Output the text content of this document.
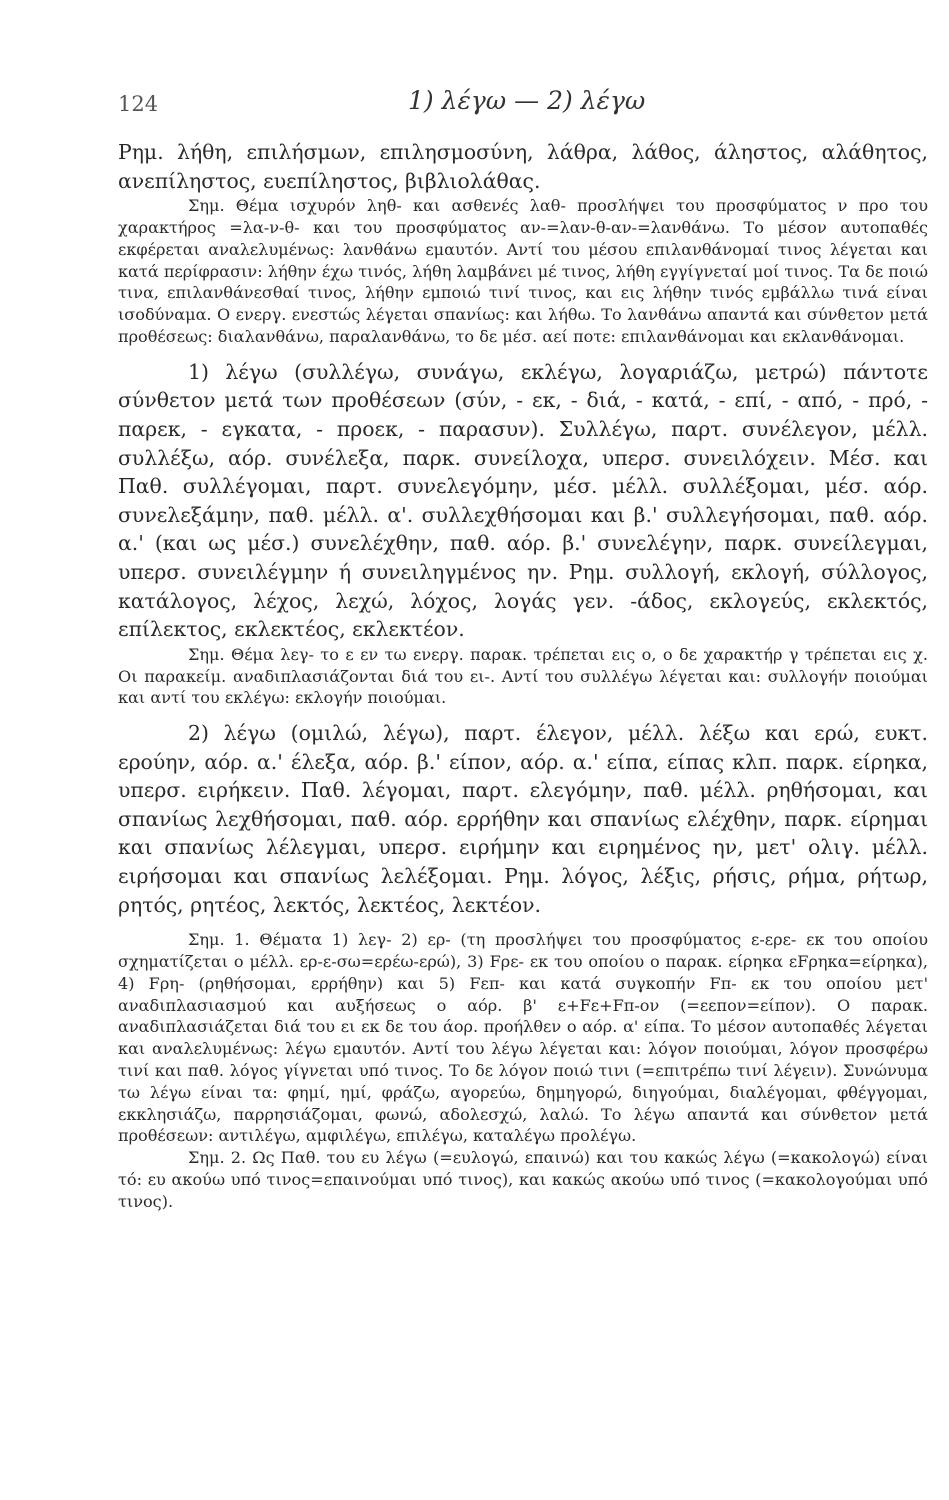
124	1) λέγω — 2) λέγω

Ρημ. λήθη, επιλήσμων, επιλησμοσύνη, λάθρα, λάθος, άληστος, αλάθητος, ανεπίληστος, ευεπίληστος, βιβλιολάθας.

Σημ. Θέμα ισχυρόν ληθ- και ασθενές λαθ- προσλήψει του προσφύματος ν προ του χαρακτήρος =λα-ν-θ- και του προσφύματος αν-=λαν-θ-αν-=λανθάνω. Το μέσον αυτοπαθές εκφέρεται αναλελυμένως: λανθάνω εμαυτόν. Αντί του μέσου επιλανθάνομαί τινος λέγεται και κατά περίφρασιν: λήθην έχω τινός, λήθη λαμβάνει μέ τινος, λήθη εγγίγνεταί μοί τινος. Τα δε ποιώ τινα, επιλανθάνεσθαί τινος, λήθην εμποιώ τινί τινος, και εις λήθην τινός εμβάλλω τινά είναι ισοδύναμα. Ο ενεργ. ενεστώς λέγεται σπανίως: και λήθω. Το λανθάνω απαντά και σύνθετον μετά προθέσεως: διαλανθάνω, παραλανθάνω, το δε μέσ. αεί ποτε: επιλανθάνομαι και εκλανθάνομαι.

1) λέγω (συλλέγω, συνάγω, εκλέγω, λογαριάζω, μετρώ) πάντοτε σύνθετον μετά των προθέσεων (σύν, - εκ, - διά, - κατά, - επί, - από, - πρό, - παρεκ, - εγκατα, - προεκ, - παρασυν). Συλλέγω, παρτ. συνέλεγον, μέλλ. συλλέξω, αόρ. συνέλεξα, παρκ. συνείλοχα, υπερσ. συνειλόχειν. Μέσ. και Παθ. συλλέγομαι, παρτ. συνελεγόμην, μέσ. μέλλ. συλλέξομαι, μέσ. αόρ. συνελεξάμην, παθ. μέλλ. α'. συλλεχθήσομαι και β.' συλλεγήσομαι, παθ. αόρ. α.' (και ως μέσ.) συνελέχθην, παθ. αόρ. β.' συνελέγην, παρκ. συνείλεγμαι, υπερσ. συνειλέγμην ή συνειληγμένος ην. Ρημ. συλλογή, εκλογή, σύλλογος, κατάλογος, λέχος, λεχώ, λόχος, λογάς γεν. -άδος, εκλογεύς, εκλεκτός, επίλεκτος, εκλεκτέος, εκλεκτέον.

Σημ. Θέμα λεγ- το ε εν τω ενεργ. παρακ. τρέπεται εις ο, ο δε χαρακτήρ γ τρέπεται εις χ. Οι παρακείμ. αναδιπλασιάζονται διά του ει-. Αντί του συλλέγω λέγεται και: συλλογήν ποιούμαι και αντί του εκλέγω: εκλογήν ποιούμαι.

2) λέγω (ομιλώ, λέγω), παρτ. έλεγον, μέλλ. λέξω και ερώ, ευκτ. ερούην, αόρ. α.' έλεξα, αόρ. β.' είπον, αόρ. α.' είπα, είπας κλπ. παρκ. είρηκα, υπερσ. ειρήκειν. Παθ. λέγομαι, παρτ. ελεγόμην, παθ. μέλλ. ρηθήσομαι, και σπανίως λεχθήσομαι, παθ. αόρ. ερρήθην και σπανίως ελέχθην, παρκ. είρημαι και σπανίως λέλεγμαι, υπερσ. ειρήμην και ειρημένος ην, μετ' ολιγ. μέλλ. ειρήσομαι και σπανίως λελέξομαι. Ρημ. λόγος, λέξις, ρήσις, ρήμα, ρήτωρ, ρητός, ρητέος, λεκτός, λεκτέος, λεκτέον.

Σημ. 1. Θέματα 1) λεγ- 2) ερ- (τη προσλήψει του προσφύματος ε-ερε- εκ του οποίου σχηματίζεται ο μέλλ. ερ-ε-σω=ερέω-ερώ), 3) Fρε- εκ του οποίου ο παρακ. είρηκα εFρηκα=είρηκα), 4) Fρη- (ρηθήσομαι, ερρήθην) και 5) Fεπ- και κατά συγκοπήν Fπ- εκ του οποίου μετ' αναδιπλασιασμού και αυξήσεως ο αόρ. β' ε+Fε+Fπ-ον (=εεπον=είπον). Ο παρακ. αναδιπλασιάζεται διά του ει εκ δε του άορ. προήλθεν ο αόρ. α' είπα. Το μέσον αυτοπαθές λέγεται και αναλελυμένως: λέγω εμαυτόν. Αντί του λέγω λέγεται και: λόγον ποιούμαι, λόγον προσφέρω τινί και παθ. λόγος γίγνεται υπό τινος. Το δε λόγον ποιώ τινι (=επιτρέπω τινί λέγειν). Συνώνυμα τω λέγω είναι τα: φημί, ημί, φράζω, αγορεύω, δημηγορώ, διηγούμαι, διαλέγομαι, φθέγγομαι, εκκλησιάζω, παρρησιάζομαι, φωνώ, αδολεσχώ, λαλώ. Το λέγω απαντά και σύνθετον μετά προθέσεων: αντιλέγω, αμφιλέγω, επιλέγω, καταλέγω προλέγω.

Σημ. 2. Ως Παθ. του ευ λέγω (=ευλογώ, επαινώ) και του κακώς λέγω (=κακολογώ) είναι τό: ευ ακούω υπό τινος=επαινούμαι υπό τινος), και κακώς ακούω υπό τινος (=κακολογούμαι υπό τινος).
